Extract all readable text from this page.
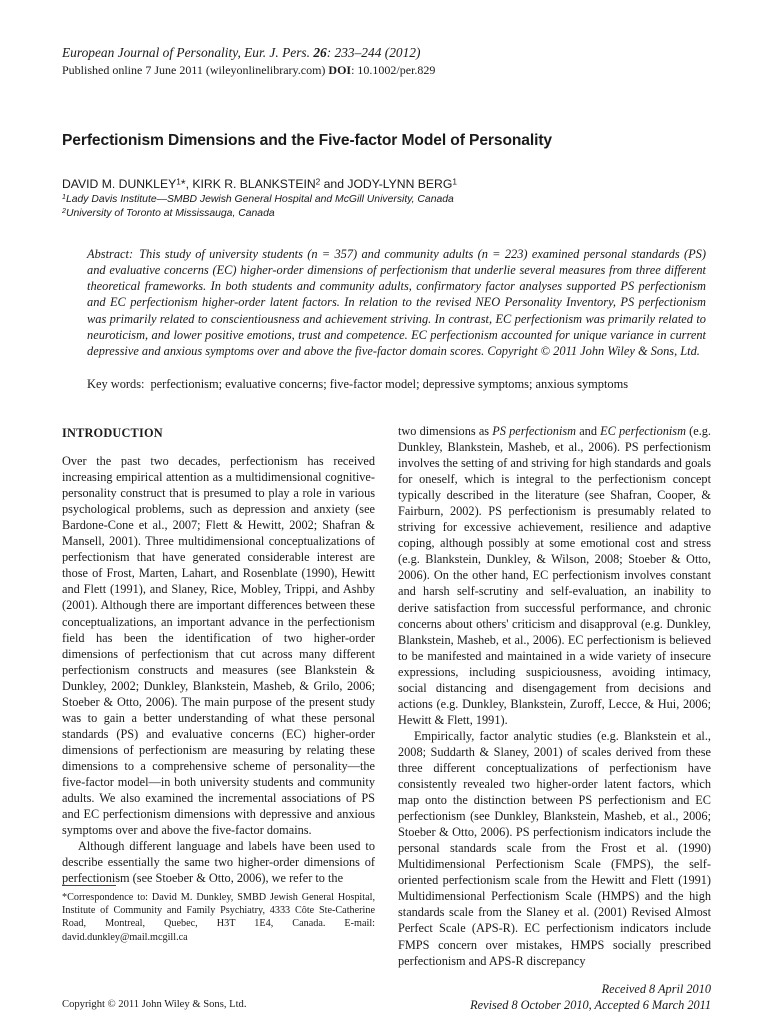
European Journal of Personality, Eur. J. Pers. 26: 233–244 (2012)
Published online 7 June 2011 (wileyonlinelibrary.com) DOI: 10.1002/per.829
Perfectionism Dimensions and the Five-factor Model of Personality
DAVID M. DUNKLEY$^1$*, KIRK R. BLANKSTEIN$^2$ and JODY-LYNN BERG$^1$
$^1$Lady Davis Institute—SMBD Jewish General Hospital and McGill University, Canada
$^2$University of Toronto at Mississauga, Canada

Abstract: This study of university students (n = 357) and community adults (n = 223) examined personal standards (PS) and evaluative concerns (EC) higher-order dimensions of perfectionism that underlie several measures from three different theoretical frameworks. In both students and community adults, confirmatory factor analyses supported PS perfectionism and EC perfectionism higher-order latent factors. In relation to the revised NEO Personality Inventory, PS perfectionism was primarily related to conscientiousness and achievement striving. In contrast, EC perfectionism was primarily related to neuroticism, and lower positive emotions, trust and competence. EC perfectionism accounted for unique variance in current depressive and anxious symptoms over and above the five-factor domain scores. Copyright © 2011 John Wiley & Sons, Ltd.

Key words: perfectionism; evaluative concerns; five-factor model; depressive symptoms; anxious symptoms
INTRODUCTION

Over the past two decades, perfectionism has received increasing empirical attention as a multidimensional cognitive-personality construct that is presumed to play a role in various psychological problems, such as depression and anxiety (see Bardone-Cone et al., 2007; Flett & Hewitt, 2002; Shafran & Mansell, 2001). Three multidimensional conceptualizations of perfectionism that have generated considerable interest are those of Frost, Marten, Lahart, and Rosenblate (1990), Hewitt and Flett (1991), and Slaney, Rice, Mobley, Trippi, and Ashby (2001). Although there are important differences between these conceptualizations, an important advance in the perfectionism field has been the identification of two higher-order dimensions of perfectionism that cut across many different perfectionism constructs and measures (see Blankstein & Dunkley, 2002; Dunkley, Blankstein, Masheb, & Grilo, 2006; Stoeber & Otto, 2006). The main purpose of the present study was to gain a better understanding of what these personal standards (PS) and evaluative concerns (EC) higher-order dimensions of perfectionism are measuring by relating these dimensions to a comprehensive scheme of personality—the five-factor model—in both university students and community adults. We also examined the incremental associations of PS and EC perfectionism dimensions with depressive and anxious symptoms over and above the five-factor domains.

Although different language and labels have been used to describe essentially the same two higher-order dimensions of perfectionism (see Stoeber & Otto, 2006), we refer to the

*Correspondence to: David M. Dunkley, SMBD Jewish General Hospital, Institute of Community and Family Psychiatry, 4333 Côte Ste-Catherine Road, Montreal, Quebec, H3T 1E4, Canada. E-mail: david.dunkley@mail.mcgill.ca

two dimensions as PS perfectionism and EC perfectionism (e.g. Dunkley, Blankstein, Masheb, et al., 2006). PS perfectionism involves the setting of and striving for high standards and goals for oneself, which is integral to the perfectionism concept typically described in the literature (see Shafran, Cooper, & Fairburn, 2002). PS perfectionism is presumably related to striving for excessive achievement, resilience and adaptive coping, although possibly at some emotional cost and stress (e.g. Blankstein, Dunkley, & Wilson, 2008; Stoeber & Otto, 2006). On the other hand, EC perfectionism involves constant and harsh self-scrutiny and self-evaluation, an inability to derive satisfaction from successful performance, and chronic concerns about others' criticism and disapproval (e.g. Dunkley, Blankstein, Masheb, et al., 2006). EC perfectionism is believed to be manifested and maintained in a wide variety of insecure expressions, including suspiciousness, avoiding intimacy, social distancing and disengagement from decisions and actions (e.g. Dunkley, Blankstein, Zuroff, Lecce, & Hui, 2006; Hewitt & Flett, 1991).

Empirically, factor analytic studies (e.g. Blankstein et al., 2008; Suddarth & Slaney, 2001) of scales derived from these three different conceptualizations of perfectionism have consistently revealed two higher-order latent factors, which map onto the distinction between PS perfectionism and EC perfectionism (see Dunkley, Blankstein, Masheb, et al., 2006; Stoeber & Otto, 2006). PS perfectionism indicators include the personal standards scale from the Frost et al. (1990) Multidimensional Perfectionism Scale (FMPS), the self-oriented perfectionism scale from the Hewitt and Flett (1991) Multidimensional Perfectionism Scale (HMPS) and the high standards scale from the Slaney et al. (2001) Revised Almost Perfect Scale (APS-R). EC perfectionism indicators include FMPS concern over mistakes, HMPS socially prescribed perfectionism and APS-R discrepancy

Copyright © 2011 John Wiley & Sons, Ltd.
Received 8 April 2010
Revised 8 October 2010, Accepted 6 March 2011
